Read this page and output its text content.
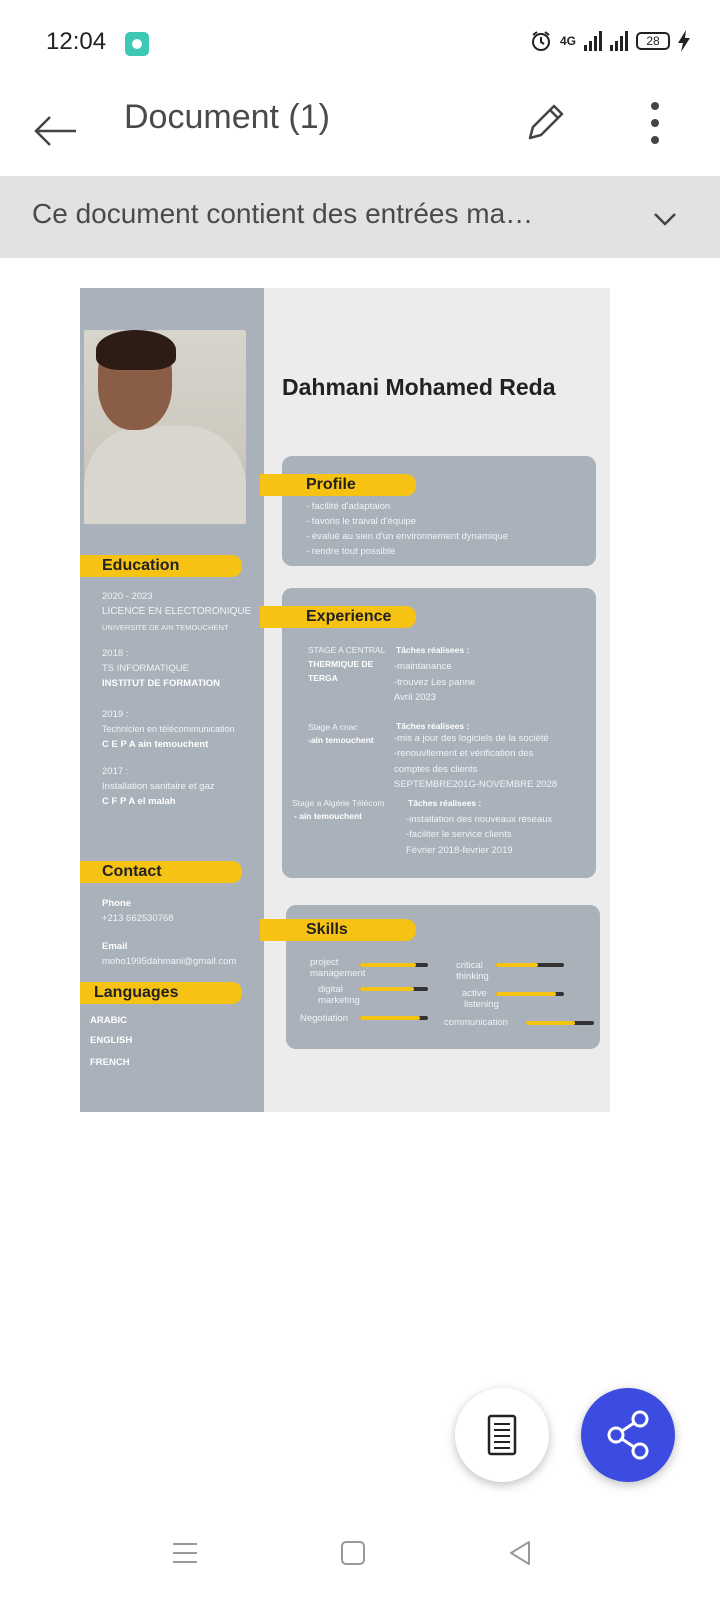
12:04	4G	28
Document (1)
Ce document contient des entrées ma…
Dahmani Mohamed Reda
Profile
- facilité d'adaptaion
- favoris le traival d'équipe
- évalué au sien d'un environnement dynamique
- rendre tout possible
Education
2020 - 2023
LICENCE EN ELECTORONIQUE
UNIVERSITE DE AIN TEMOUCHENT
2018 :
TS INFORMATIQUE
INSTITUT DE FORMATION
2019 :
Technicien en télécommunication
C E P A ain temouchent
2017 :
Installation sanitaire et gaz
C F P A el malah
Experience
STAGE A CENTRAL
THERMIQUE DE
TERGA
Tâches réalisees :
-maintanance
-trouvez Les panne
Avril 2023
Stage A cnac
-ain temouchent
Tâches réalisees :
-mis a jour des logiciels de la société
-renouvllement et vérification des
comptes des clients
SEPTEMBRE201G-NOVEMBRE 2028
Stage a Algérie Télécom
- ain temouchent
Tâches réalisees :
-installation des nouveaux réseaux
-faciliter le service clients
Février 2018-fevrier 2019
Contact
Phone
+213 662530768
Email
moho1995dahmani@gmail.com
Languages
ARABIC
ENGLISH
FRENCH
Skills
project
management
digital
marketing
Negotiation
critical
thinking
active
listening
communication
